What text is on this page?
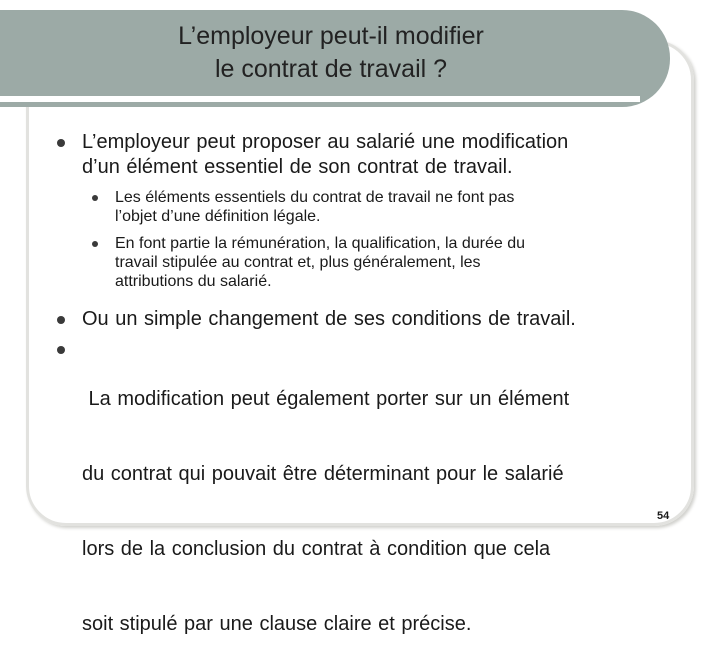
L’employeur peut-il modifier
le contrat de travail ?
L’employeur peut proposer au salarié une modification
d’un élément essentiel de son contrat de travail.
Les éléments essentiels du contrat de travail ne font pas
l’objet d’une définition légale.
En font partie la rémunération, la qualification, la durée du
travail stipulée au contrat et, plus généralement, les
attributions du salarié.
Ou un simple changement de ses conditions de travail.

La modification peut également porter sur un élément

du contrat qui pouvait être déterminant pour le salarié

lors de la conclusion du contrat à condition que cela

soit stipulé par une clause claire et précise.

54
